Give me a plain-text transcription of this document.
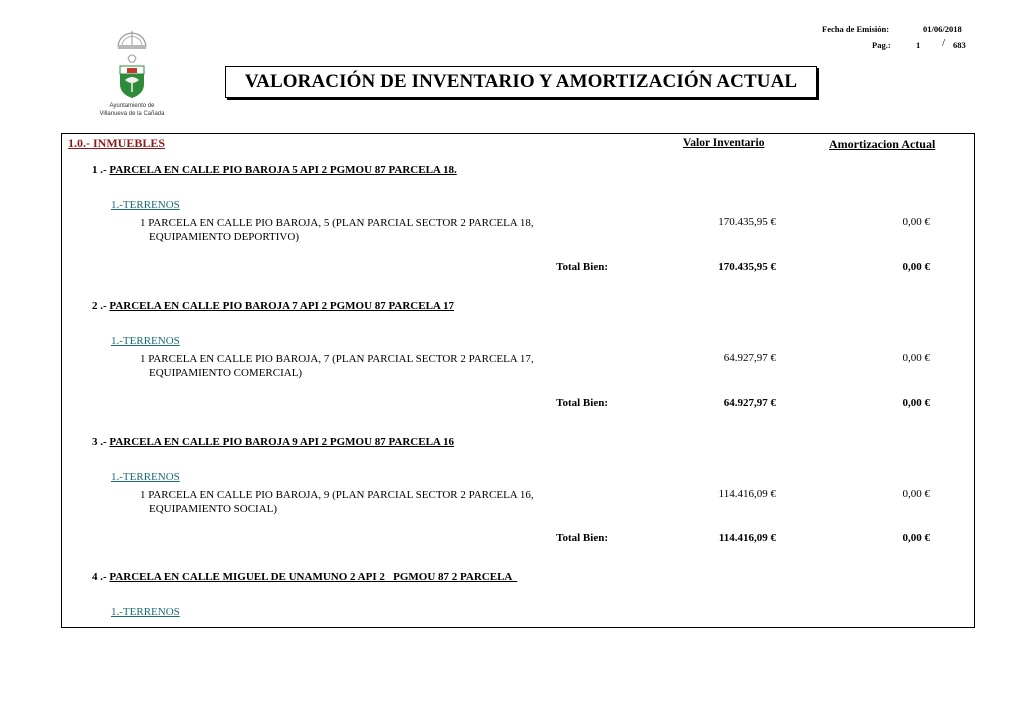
Fecha de Emisión:	01/06/2018
Pag.:	1 / 683
Ayuntamiento de
Villanueva de la Cañada
VALORACIÓN DE INVENTARIO Y AMORTIZACIÓN ACTUAL
1.0.- INMUEBLES	Valor Inventario	Amortizacion Actual
1 .- PARCELA EN CALLE PIO BAROJA 5 API 2 PGMOU 87 PARCELA 18.
1.-TERRENOS
1 PARCELA EN CALLE PIO BAROJA, 5 (PLAN PARCIAL SECTOR 2 PARCELA 18,
EQUIPAMIENTO DEPORTIVO)
170.435,95 €	0,00 €
Total Bien:	170.435,95 €	0,00 €
2 .- PARCELA EN CALLE PIO BAROJA 7 API 2 PGMOU 87 PARCELA 17
1.-TERRENOS
1 PARCELA EN CALLE PIO BAROJA, 7 (PLAN PARCIAL SECTOR 2 PARCELA 17,
EQUIPAMIENTO COMERCIAL)
64.927,97 €	0,00 €
Total Bien:	64.927,97 €	0,00 €
3 .- PARCELA EN CALLE PIO BAROJA 9 API 2 PGMOU 87 PARCELA 16
1.-TERRENOS
1 PARCELA EN CALLE PIO BAROJA, 9 (PLAN PARCIAL SECTOR 2 PARCELA 16,
EQUIPAMIENTO SOCIAL)
114.416,09 €	0,00 €
Total Bien:	114.416,09 €	0,00 €
4 .- PARCELA EN CALLE MIGUEL DE UNAMUNO 2 API 2   PGMOU 87 2 PARCELA
1.-TERRENOS
